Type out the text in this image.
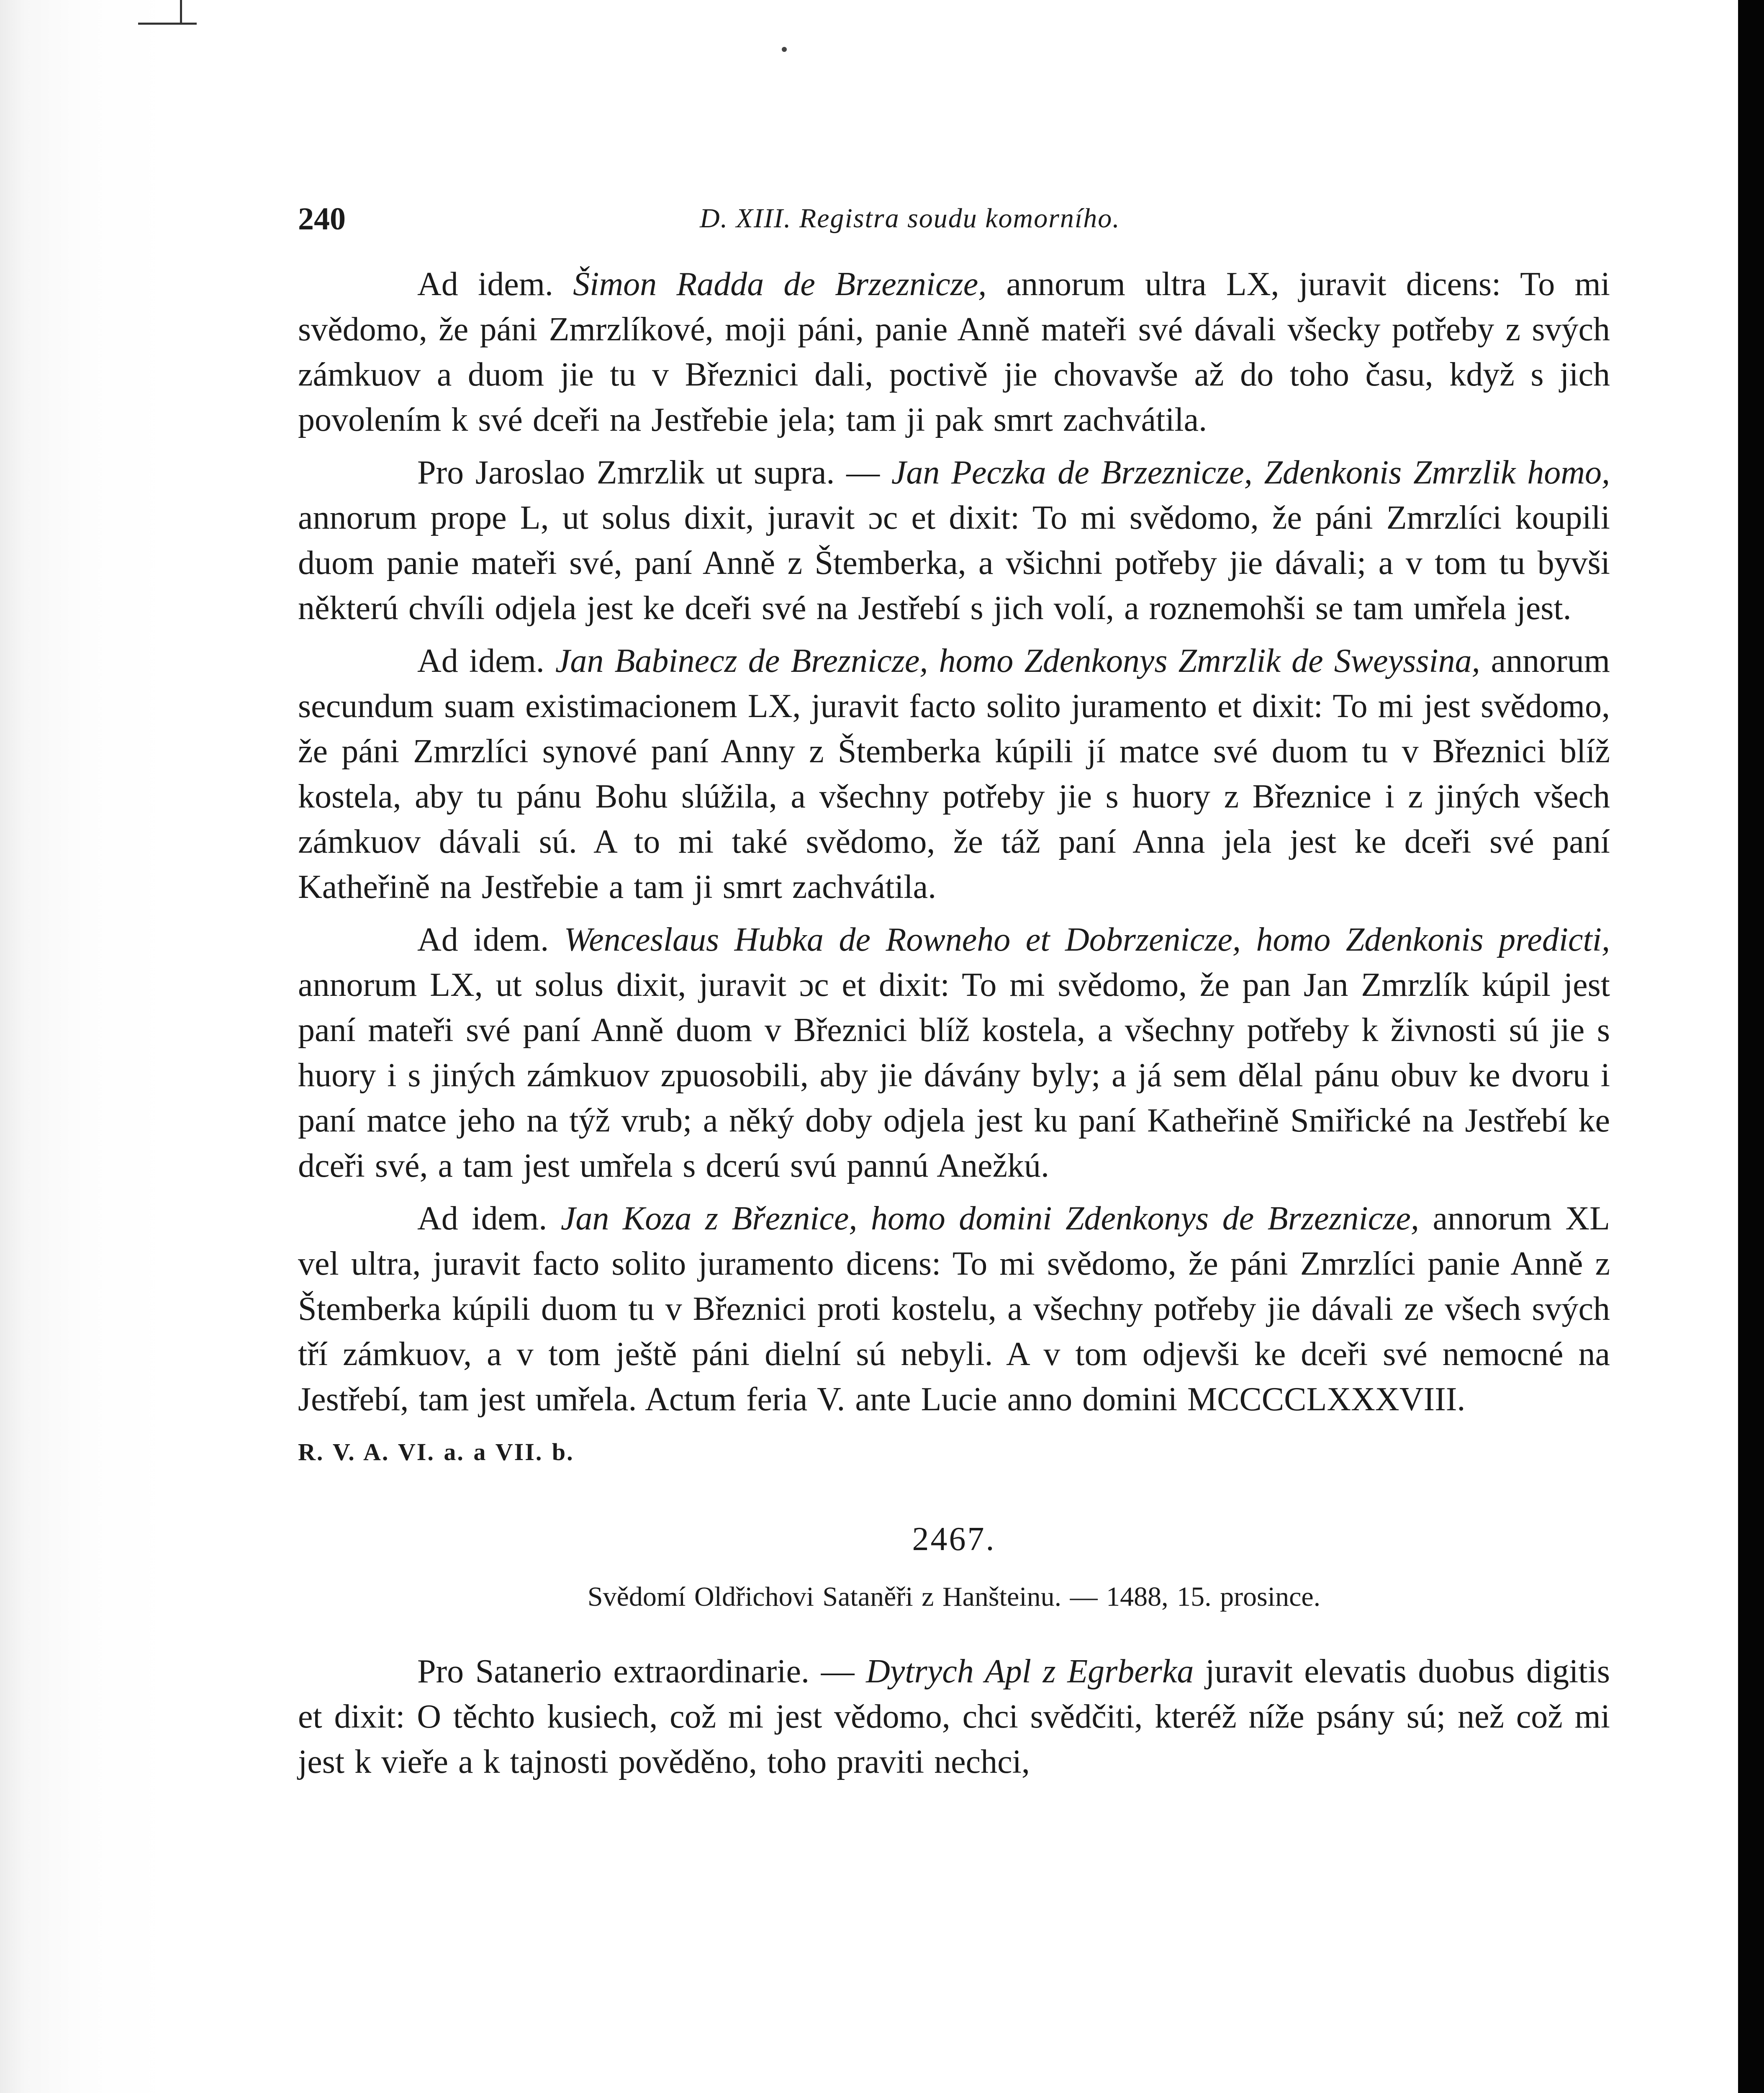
240	D. XIII. Registra soudu komorního.

Ad idem. Šimon Radda de Brzeznicze, annorum ultra LX, juravit dicens: To mi svědomo, že páni Zmrzlíkové, moji páni, panie Anně mateři své dávali všecky potřeby z svých zámkuov a duom jie tu v Březnici dali, poctivě jie chovavše až do toho času, když s jich povolením k své dceři na Jestřebie jela; tam ji pak smrt zachvátila.

Pro Jaroslao Zmrzlik ut supra. — Jan Peczka de Brzeznicze, Zdenkonis Zmrzlik homo, annorum prope L, ut solus dixit, juravit ɔc et dixit: To mi svědomo, že páni Zmrzlíci koupili duom panie mateři své, paní Anně z Štemberka, a všichni potřeby jie dávali; a v tom tu byvši některú chvíli odjela jest ke dceři své na Jestřebí s jich volí, a roznemohši se tam umřela jest.

Ad idem. Jan Babinecz de Breznicze, homo Zdenkonys Zmrzlik de Sweyssina, annorum secundum suam existimacionem LX, juravit facto solito juramento et dixit: To mi jest svědomo, že páni Zmrzlíci synové paní Anny z Štemberka kúpili jí matce své duom tu v Březnici blíž kostela, aby tu pánu Bohu slúžila, a všechny potřeby jie s huory z Březnice i z jiných všech zámkuov dávali sú. A to mi také svědomo, že táž paní Anna jela jest ke dceři své paní Katheřině na Jestřebie a tam ji smrt zachvátila.

Ad idem. Wenceslaus Hubka de Rowneho et Dobrzenicze, homo Zdenkonis predicti, annorum LX, ut solus dixit, juravit ɔc et dixit: To mi svědomo, že pan Jan Zmrzlík kúpil jest paní mateři své paní Anně duom v Březnici blíž kostela, a všechny potřeby k živnosti sú jie s huory i s jiných zámkuov zpuosobili, aby jie dávány byly; a já sem dělal pánu obuv ke dvoru i paní matce jeho na týž vrub; a něký doby odjela jest ku paní Katheřině Smiřické na Jestřebí ke dceři své, a tam jest umřela s dcerú svú pannú Anežkú.

Ad idem. Jan Koza z Březnice, homo domini Zdenkonys de Brzeznicze, annorum XL vel ultra, juravit facto solito juramento dicens: To mi svědomo, že páni Zmrzlíci panie Anně z Štemberka kúpili duom tu v Březnici proti kostelu, a všechny potřeby jie dávali ze všech svých tří zámkuov, a v tom ještě páni dielní sú nebyli. A v tom odjevši ke dceři své nemocné na Jestřebí, tam jest umřela. Actum feria V. ante Lucie anno domini MCCCCLXXXVIII.

R. V. A. VI. a. a VII. b.

2467.

Svědomí Oldřichovi Sataněři z Hanšteinu. — 1488, 15. prosince.

Pro Satanerio extraordinarie. — Dytrych Apl z Egrberka juravit elevatis duobus digitis et dixit: O těchto kusiech, což mi jest vědomo, chci svědčiti, kteréž níže psány sú; než což mi jest k vieře a k tajnosti pověděno, toho praviti nechci,
